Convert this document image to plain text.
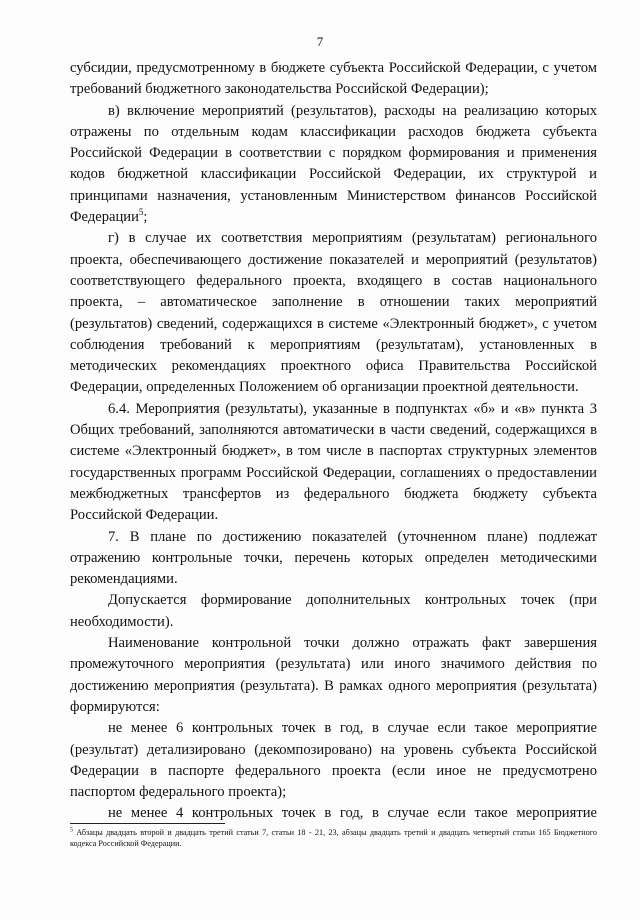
7

субсидии, предусмотренному в бюджете субъекта Российской Федерации, с учетом требований бюджетного законодательства Российской Федерации);

в) включение мероприятий (результатов), расходы на реализацию которых отражены по отдельным кодам классификации расходов бюджета субъекта Российской Федерации в соответствии с порядком формирования и применения кодов бюджетной классификации Российской Федерации, их структурой и принципами назначения, установленным Министерством финансов Российской Федерации$^5$;

г) в случае их соответствия мероприятиям (результатам) регионального проекта, обеспечивающего достижение показателей и мероприятий (результатов) соответствующего федерального проекта, входящего в состав национального проекта, – автоматическое заполнение в отношении таких мероприятий (результатов) сведений, содержащихся в системе «Электронный бюджет», с учетом соблюдения требований к мероприятиям (результатам), установленных в методических рекомендациях проектного офиса Правительства Российской Федерации, определенных Положением об организации проектной деятельности.

6.4. Мероприятия (результаты), указанные в подпунктах «б» и «в» пункта 3 Общих требований, заполняются автоматически в части сведений, содержащихся в системе «Электронный бюджет», в том числе в паспортах структурных элементов государственных программ Российской Федерации, соглашениях о предоставлении межбюджетных трансфертов из федерального бюджета бюджету субъекта Российской Федерации.

7. В плане по достижению показателей (уточненном плане) подлежат отражению контрольные точки, перечень которых определен методическими рекомендациями.

Допускается формирование дополнительных контрольных точек (при необходимости).

Наименование контрольной точки должно отражать факт завершения промежуточного мероприятия (результата) или иного значимого действия по достижению мероприятия (результата). В рамках одного мероприятия (результата) формируются:

не менее 6 контрольных точек в год, в случае если такое мероприятие (результат) детализировано (декомпозировано) на уровень субъекта Российской Федерации в паспорте федерального проекта (если иное не предусмотрено паспортом федерального проекта);

не менее 4 контрольных точек в год, в случае если такое мероприятие

$^5$ Абзацы двадцать второй и двадцать третий статьи 7, статьи 18 - 21, 23, абзацы двадцать третий и двадцать четвертый статьи 165 Бюджетного кодекса Российской Федерации.
